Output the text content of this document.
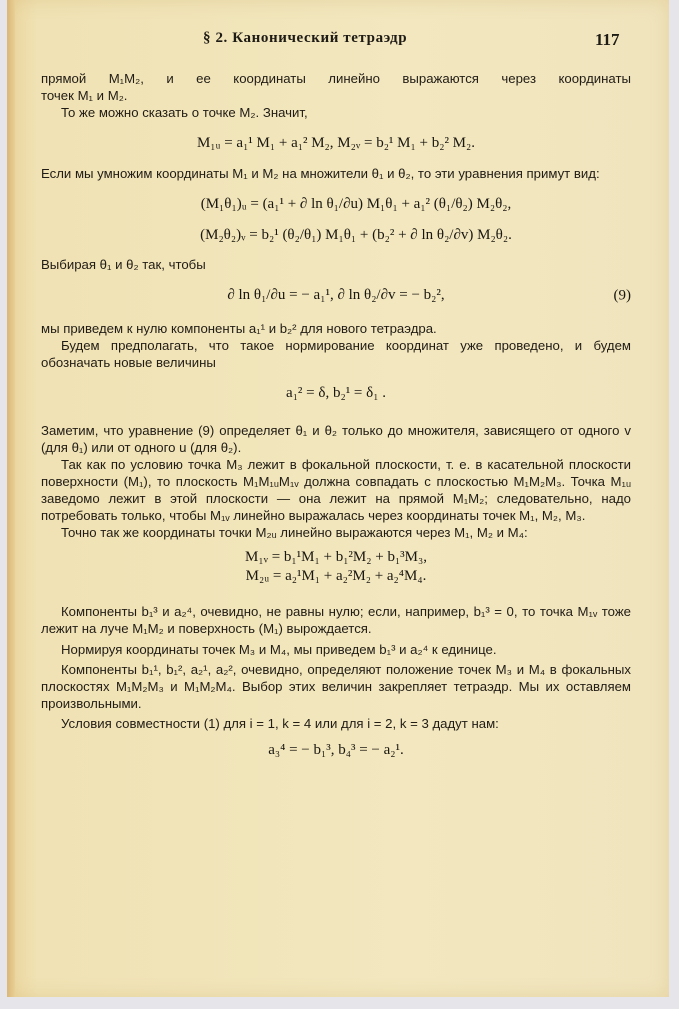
§ 2. Канонический тетраэдр	117

прямой M₁M₂, и ее координаты линейно выражаются через координаты

точек M₁ и M₂.

То же можно сказать о точке M₂. Значит,

M₁ᵤ = a₁¹ M₁ + a₁² M₂, M₂ᵥ = b₂¹ M₁ + b₂² M₂.

Если мы умножим координаты M₁ и M₂ на множители θ₁ и θ₂, то эти уравнения примут вид:

(M₁θ₁)ᵤ = (a₁¹ + ∂ ln θ₁/∂u) M₁θ₁ + a₁² (θ₁/θ₂) M₂θ₂,

(M₂θ₂)ᵥ = b₂¹ (θ₂/θ₁) M₁θ₁ + (b₂² + ∂ ln θ₂/∂v) M₂θ₂.

Выбирая θ₁ и θ₂ так, чтобы

∂ ln θ₁/∂u = − a₁¹, ∂ ln θ₂/∂v = − b₂²,	(9)

мы приведем к нулю компоненты a₁¹ и b₂² для нового тетраэдра.

Будем предполагать, что такое нормирование координат уже проведено, и будем обозначать новые величины

a₁² = δ, b₂¹ = δ₁ .

Заметим, что уравнение (9) определяет θ₁ и θ₂ только до множителя, зависящего от одного v (для θ₁) или от одного u (для θ₂).

Так как по условию точка M₃ лежит в фокальной плоскости, т. е. в касательной плоскости поверхности (M₁), то плоскость M₁M₁ᵤM₁ᵥ должна совпадать с плоскостью M₁M₂M₃. Точка M₁ᵤ заведомо лежит в этой плоскости — она лежит на прямой M₁M₂; следовательно, надо потребовать только, чтобы M₁ᵥ линейно выражалась через координаты точек M₁, M₂, M₃.

Точно так же координаты точки M₂ᵤ линейно выражаются через M₁, M₂ и M₄:

M₁ᵥ = b₁¹M₁ + b₁²M₂ + b₁³M₃,

M₂ᵤ = a₂¹M₁ + a₂²M₂ + a₂⁴M₄.

Компоненты b₁³ и a₂⁴, очевидно, не равны нулю; если, например, b₁³ = 0, то точка M₁ᵥ тоже лежит на луче M₁M₂ и поверхность (M₁) вырождается.

Нормируя координаты точек M₃ и M₄, мы приведем b₁³ и a₂⁴ к единице.

Компоненты b₁¹, b₁², a₂¹, a₂², очевидно, определяют положение точек M₃ и M₄ в фокальных плоскостях M₁M₂M₃ и M₁M₂M₄. Выбор этих величин закрепляет тетраэдр. Мы их оставляем произвольными.

Условия совместности (1) для i = 1, k = 4 или для i = 2, k = 3 дадут нам:

a₃⁴ = − b₁³, b₄³ = − a₂¹.
